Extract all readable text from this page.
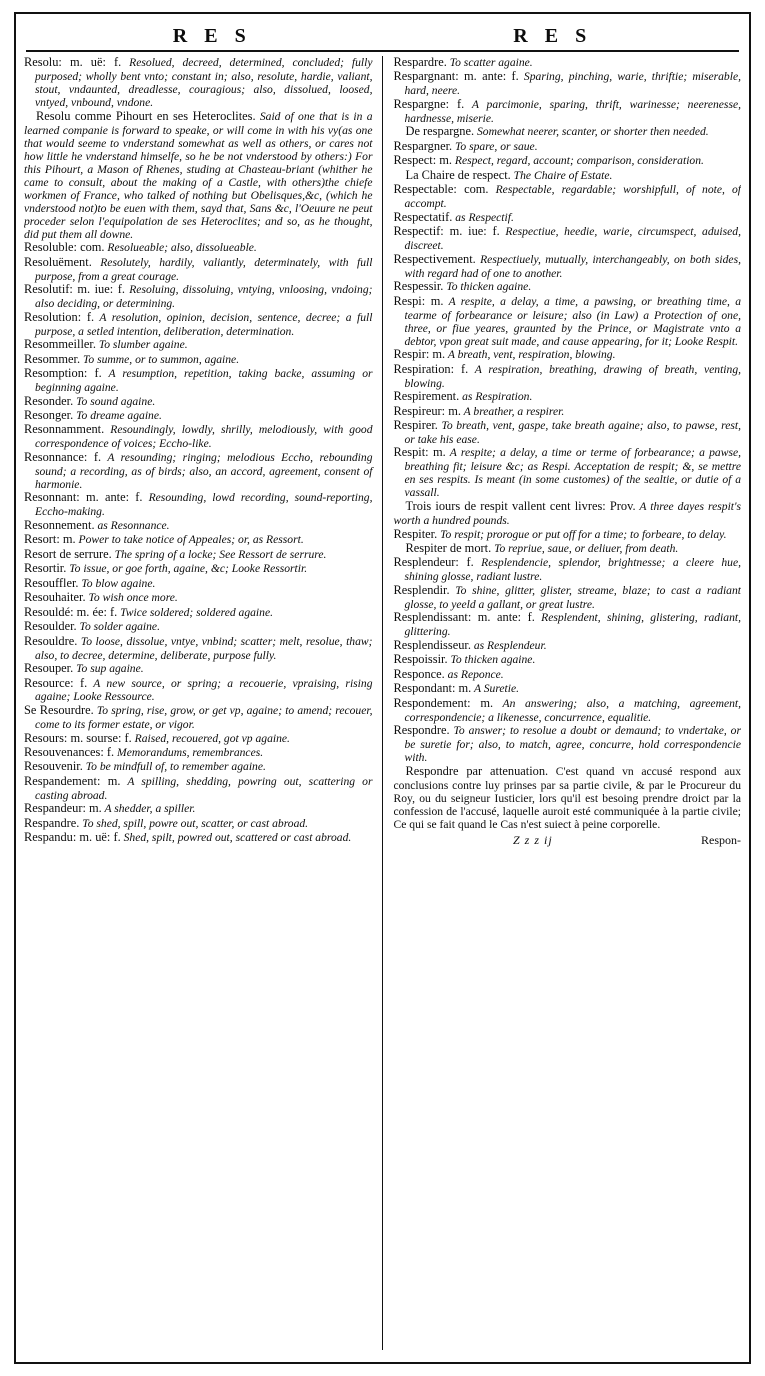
R E S	R E S

Resolu: m. uë: f. Resolued, decreed, determined, concluded; fully purposed; wholly bent vnto; constant in; also, resolute, hardie, valiant, stout, vndaunted, dreadlesse, couragious; also, dissolued, loosed, vntyed, vnbound, vndone.

Resolu comme Pihourt en ses Heteroclites. Said of one that is in a learned companie is forward to speake, or will come in with his vy(as one that would seeme to vnderstand somewhat as well as others, or cares not how little he vnderstand himselfe, so he be not vnderstood by others:) For this Pihourt, a Mason of Rhenes, studing at Chasteau-briant (whither he came to consult, about the making of a Castle, with others)the chiefe workmen of France, who talked of nothing but Obelisques,&c, (which he vnderstood not)to be euen with them, sayd that, Sans &c, l'Oeuure ne peut proceder selon l'equipolation de ses Heteroclites; and so, as he thought, did put them all downe.

Resoluble: com. Resolueable; also, dissolueable.

Resoluëment. Resolutely, hardily, valiantly, determinately, with full purpose, from a great courage.

Resolutif: m. iue: f. Resoluing, dissoluing, vntying, vnloosing, vndoing; also deciding, or determining.

Resolution: f. A resolution, opinion, decision, sentence, decree; a full purpose, a setled intention, deliberation, determination.

Resommeiller. To slumber againe.

Resommer. To summe, or to summon, againe.

Resomption: f. A resumption, repetition, taking backe, assuming or beginning againe.

Resonder. To sound againe.

Resonger. To dreame againe.

Resonnamment. Resoundingly, lowdly, shrilly, melodiously, with good correspondence of voices; Eccho-like.

Resonnance: f. A resounding; ringing; melodious Eccho, rebounding sound; a recording, as of birds; also, an accord, agreement, consent of harmonie.

Resonnant: m. ante: f. Resounding, lowd recording, sound-reporting, Eccho-making.

Resonnement. as Resonnance.

Resort: m. Power to take notice of Appeales; or, as Ressort.

Resort de serrure. The spring of a locke; See Ressort de serrure.

Resortir. To issue, or goe forth, againe, &c; Looke Ressortir.

Resouffler. To blow againe.

Resouhaiter. To wish once more.

Resouldé: m. ée: f. Twice soldered; soldered againe.

Resoulder. To solder againe.

Resouldre. To loose, dissolue, vntye, vnbind; scatter; melt, resolue, thaw; also, to decree, determine, deliberate, purpose fully.

Resouper. To sup againe.

Resource: f. A new source, or spring; a recouerie, vpraising, rising againe; Looke Ressource.

Se Resourdre. To spring, rise, grow, or get vp, againe; to amend; recouer, come to its former estate, or vigor.

Resours: m. sourse: f. Raised, recouered, got vp againe.

Resouvenances: f. Memorandums, remembrances.

Resouvenir. To be mindfull of, to remember againe.

Respandement: m. A spilling, shedding, powring out, scattering or casting abroad.

Respandeur: m. A shedder, a spiller.

Respandre. To shed, spill, powre out, scatter, or cast abroad.

Respandu: m. uë: f. Shed, spilt, powred out, scattered or cast abroad.

Respardre. To scatter againe.

Respargnant: m. ante: f. Sparing, pinching, warie, thriftie; miserable, hard, neere.

Respargne: f. A parcimonie, sparing, thrift, warinesse; neerenesse, hardnesse, miserie.

De respargne. Somewhat neerer, scanter, or shorter then needed.

Respargner. To spare, or saue.

Respect: m. Respect, regard, account; comparison, consideration.

La Chaire de respect. The Chaire of Estate.

Respectable: com. Respectable, regardable; worshipfull, of note, of accompt.

Respectatif. as Respectif.

Respectif: m. iue: f. Respectiue, heedie, warie, circumspect, aduised, discreet.

Respectivement. Respectiuely, mutually, interchangeably, on both sides, with regard had of one to another.

Respessir. To thicken againe.

Respi: m. A respite, a delay, a time, a pawsing, or breathing time, a tearme of forbearance or leisure; also (in Law) a Protection of one, three, or fiue yeares, graunted by the Prince, or Magistrate vnto a debtor, vpon great suit made, and cause appearing, for it; Looke Respit.

Respir: m. A breath, vent, respiration, blowing.

Respiration: f. A respiration, breathing, drawing of breath, venting, blowing.

Respirement. as Respiration.

Respireur: m. A breather, a respirer.

Respirer. To breath, vent, gaspe, take breath againe; also, to pawse, rest, or take his ease.

Respit: m. A respite; a delay, a time or terme of forbearance; a pawse, breathing fit; leisure &c; as Respi. Acceptation de respit; &, se mettre en ses respits. Is meant (in some customes) of the sealtie, or dutie of a vassall.

Trois iours de respit vallent cent livres: Prov. A three dayes respit's worth a hundred pounds.

Respiter. To respit; prorogue or put off for a time; to forbeare, to delay.

Respiter de mort. To repriue, saue, or deliuer, from death.

Resplendeur: f. Resplendencie, splendor, brightnesse; a cleere hue, shining glosse, radiant lustre.

Resplendir. To shine, glitter, glister, streame, blaze; to cast a radiant glosse, to yeeld a gallant, or great lustre.

Resplendissant: m. ante: f. Resplendent, shining, glistering, radiant, glittering.

Resplendisseur. as Resplendeur.

Respoissir. To thicken againe.

Responce. as Reponce.

Respondant: m. A Suretie.

Respondement: m. An answering; also, a matching, agreement, correspondencie; a likenesse, concurrence, equalitie.

Respondre. To answer; to resolue a doubt or demaund; to vndertake, or be suretie for; also, to match, agree, concurre, hold correspondencie with.

Respondre par attenuation. C'est quand vn accusé respond aux conclusions contre luy prinses par sa partie civile, & par le Procureur du Roy, ou du seigneur Iusticier, lors qu'il est besoing prendre droict par la confession de l'accusé, laquelle auroit esté communiquée à la partie civile; Ce qui se fait quand le Cas n'est suiect à peine corporelle.

Z z z ij	Respon-
